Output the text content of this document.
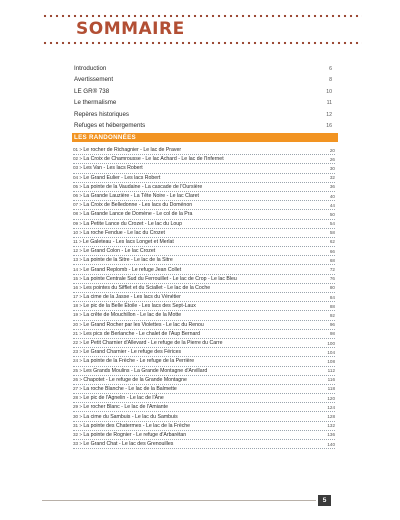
SOMMAIRE
Introduction	6
Avertissement	8
LE GR® 738	10
Le thermalisme	11
Repères historiques	12
Refuges et hébergements	16
LES RANDONNÉES
01 > Le rocher de Richagnier - Le lac de Praver	20
02 > La Croix de Chamrousse - Le lac Achard - Le lac de l'Infernet	26
03 > Les Van - Les lacs Robert	30
04 > Le Grand Eulier - Les lacs Robert	32
05 > La pointe de la Vaudaine - La cascade de l'Oursière	36
06 > La Grande Lauzière - La Tête Noire - Le lac Claret	40
07 > La Croix de Belledonne - Les lacs du Doménon	44
08 > La Grande Lance de Domène - Le col de la Pra	50
09 > La Petite Lance du Crozet - Le lac du Loup	54
10 > La roche Fendue - Le lac du Crozet	58
11 > Le Galeteau - Les lacs Longet et Merlat	62
12 > Le Grand Colon - Le lac Crozet	66
13 > La pointe de la Sitre - Le lac de la Sitre	68
14 > Le Grand Replomb - Le refuge Jean Collet	72
15 > La pointe Centrale Sud du Ferrouillet - Le lac de Crop - Le lac Bleu	76
16 > Les pointes du Sifflet et du Sciallet - Le lac de la Coche	80
17 > La cime de la Jasse - Les lacs du Vénétier	84
18 > Le pic de la Belle Étoile - Les lacs des Sept-Laux	88
19 > La crête de Mouchillon - Le lac de la Motte	92
20 > Le Grand Rocher par les Violettes - Le lac du Renou	96
21 > Les pics de Berlanche - Le chalet de l'Aup Bernard	98
22 > Le Petit Charnier d'Allevard - Le refuge de la Pierre du Carre	100
23 > Le Grand Charnier - Le refuge des Férices	104
24 > La pointe de la Frèche - Le refuge de la Perrière	108
25 > Les Grands Moulins - La Grande Montagne d'Arvillard	112
26 > Chapotet - Le refuge de la Grande Montagne	116
27 > La roche Blanche - Le lac de la Balmette	118
28 > Le pic de l'Agnelin - Le lac de l'Âne	120
29 > Le rocher Blanc - Le lac de l'Amiante	124
30 > La cime du Sambuis - Le lac du Sambuis	128
31 > La pointe des Chatermes - Le lac de la Frèche	132
32 > La pointe de Rognier - Le refuge d'Arbarétan	136
33 > Le Grand Chat - Le lac des Grenouilles	140
5
